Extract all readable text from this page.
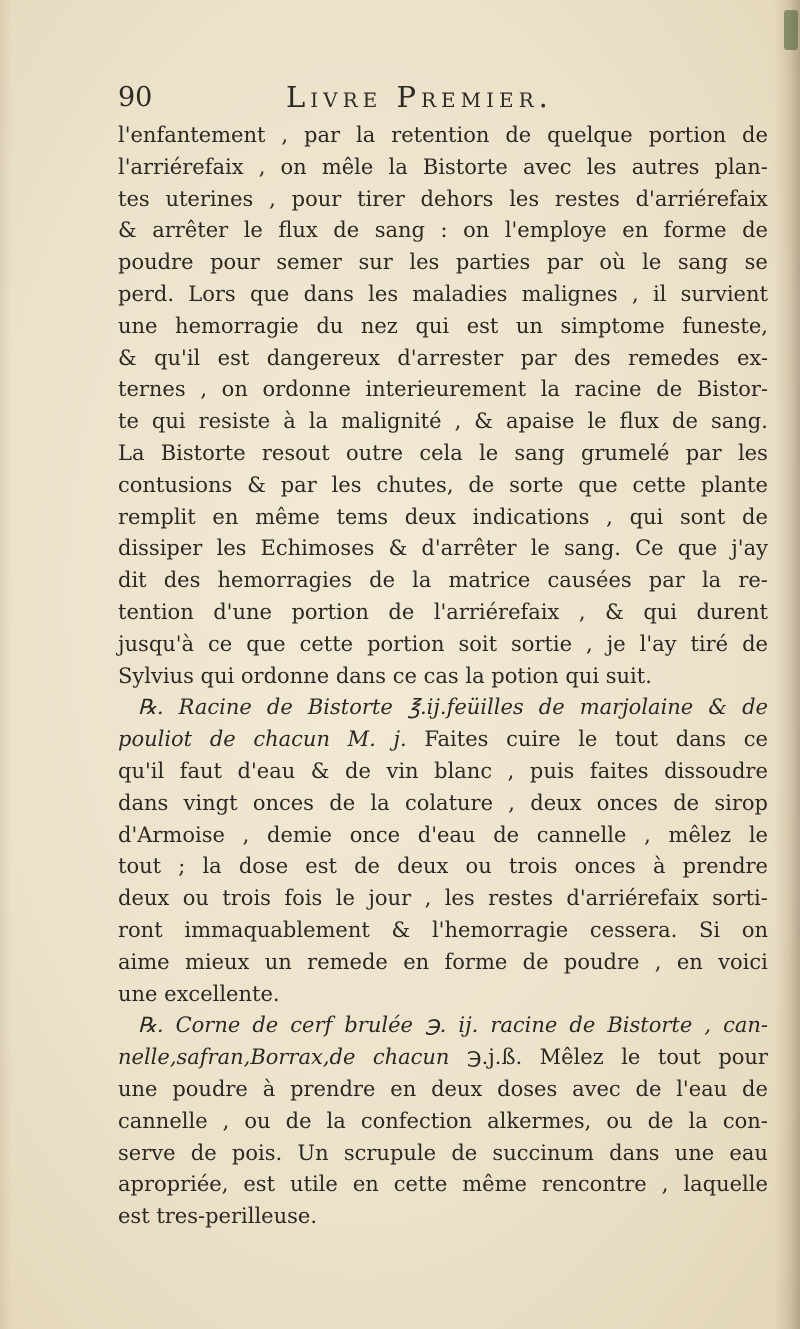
90	Livre Premier.
l'enfantement , par la retention de quelque portion de
l'arriérefaix , on mêle la Bistorte avec les autres plan-
tes uterines , pour tirer dehors les restes d'arriérefaix
& arrêter le flux de sang : on l'employe en forme de
poudre pour semer sur les parties par où le sang se
perd. Lors que dans les maladies malignes , il survient
une hemorragie du nez qui est un simptome funeste,
& qu'il est dangereux d'arrester par des remedes ex-
ternes , on ordonne interieurement la racine de Bistor-
te qui resiste à la malignité , & apaise le flux de sang.
La Bistorte resout outre cela le sang grumelé par les
contusions & par les chutes, de sorte que cette plante
remplit en même tems deux indications , qui sont de
dissiper les Echimoses & d'arrêter le sang. Ce que j'ay
dit des hemorragies de la matrice causées par la re-
tention d'une portion de l'arriérefaix , & qui durent
jusqu'à ce que cette portion soit sortie , je l'ay tiré de
Sylvius qui ordonne dans ce cas la potion qui suit.
℞. Racine de Bistorte ℥.ij.feüilles de marjolaine & de
pouliot de chacun M. j. Faites cuire le tout dans ce
qu'il faut d'eau & de vin blanc , puis faites dissoudre
dans vingt onces de la colature , deux onces de sirop
d'Armoise , demie once d'eau de cannelle , mêlez le
tout ; la dose est de deux ou trois onces à prendre
deux ou trois fois le jour , les restes d'arriérefaix sorti-
ront immaquablement & l'hemorragie cessera. Si on
aime mieux un remede en forme de poudre , en voici
une excellente.
℞. Corne de cerf brulée ℈. ij. racine de Bistorte , can-
nelle,safran,Borrax,de chacun ℈.j.ß. Mêlez le tout pour
une poudre à prendre en deux doses avec de l'eau de
cannelle , ou de la confection alkermes, ou de la con-
serve de pois. Un scrupule de succinum dans une eau
apropriée, est utile en cette même rencontre , laquelle
est tres-perilleuse.
